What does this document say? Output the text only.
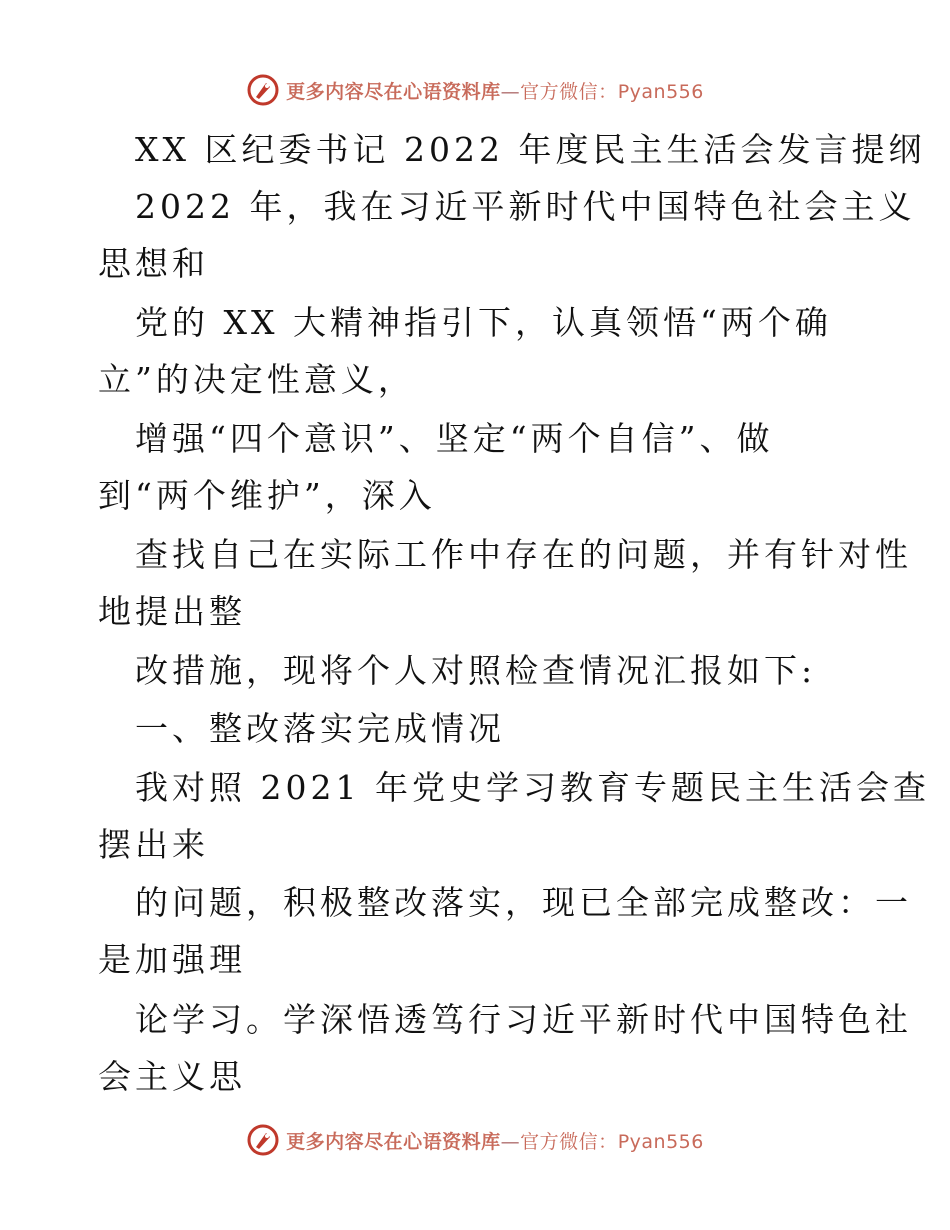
更多内容尽在心语资料库—官方微信：Pyan556
XX 区纪委书记 2022 年度民主生活会发言提纲
2022 年，我在习近平新时代中国特色社会主义
思想和
党的 XX 大精神指引下，认真领悟“两个确
立”的决定性意义，
增强“四个意识”、坚定“两个自信”、做
到“两个维护”，深入
查找自己在实际工作中存在的问题，并有针对性
地提出整
改措施，现将个人对照检查情况汇报如下:
一、整改落实完成情况
我对照 2021 年党史学习教育专题民主生活会查
摆出来
的问题，积极整改落实，现已全部完成整改：一
是加强理
论学习。学深悟透笃行习近平新时代中国特色社
会主义思
更多内容尽在心语资料库—官方微信：Pyan556
